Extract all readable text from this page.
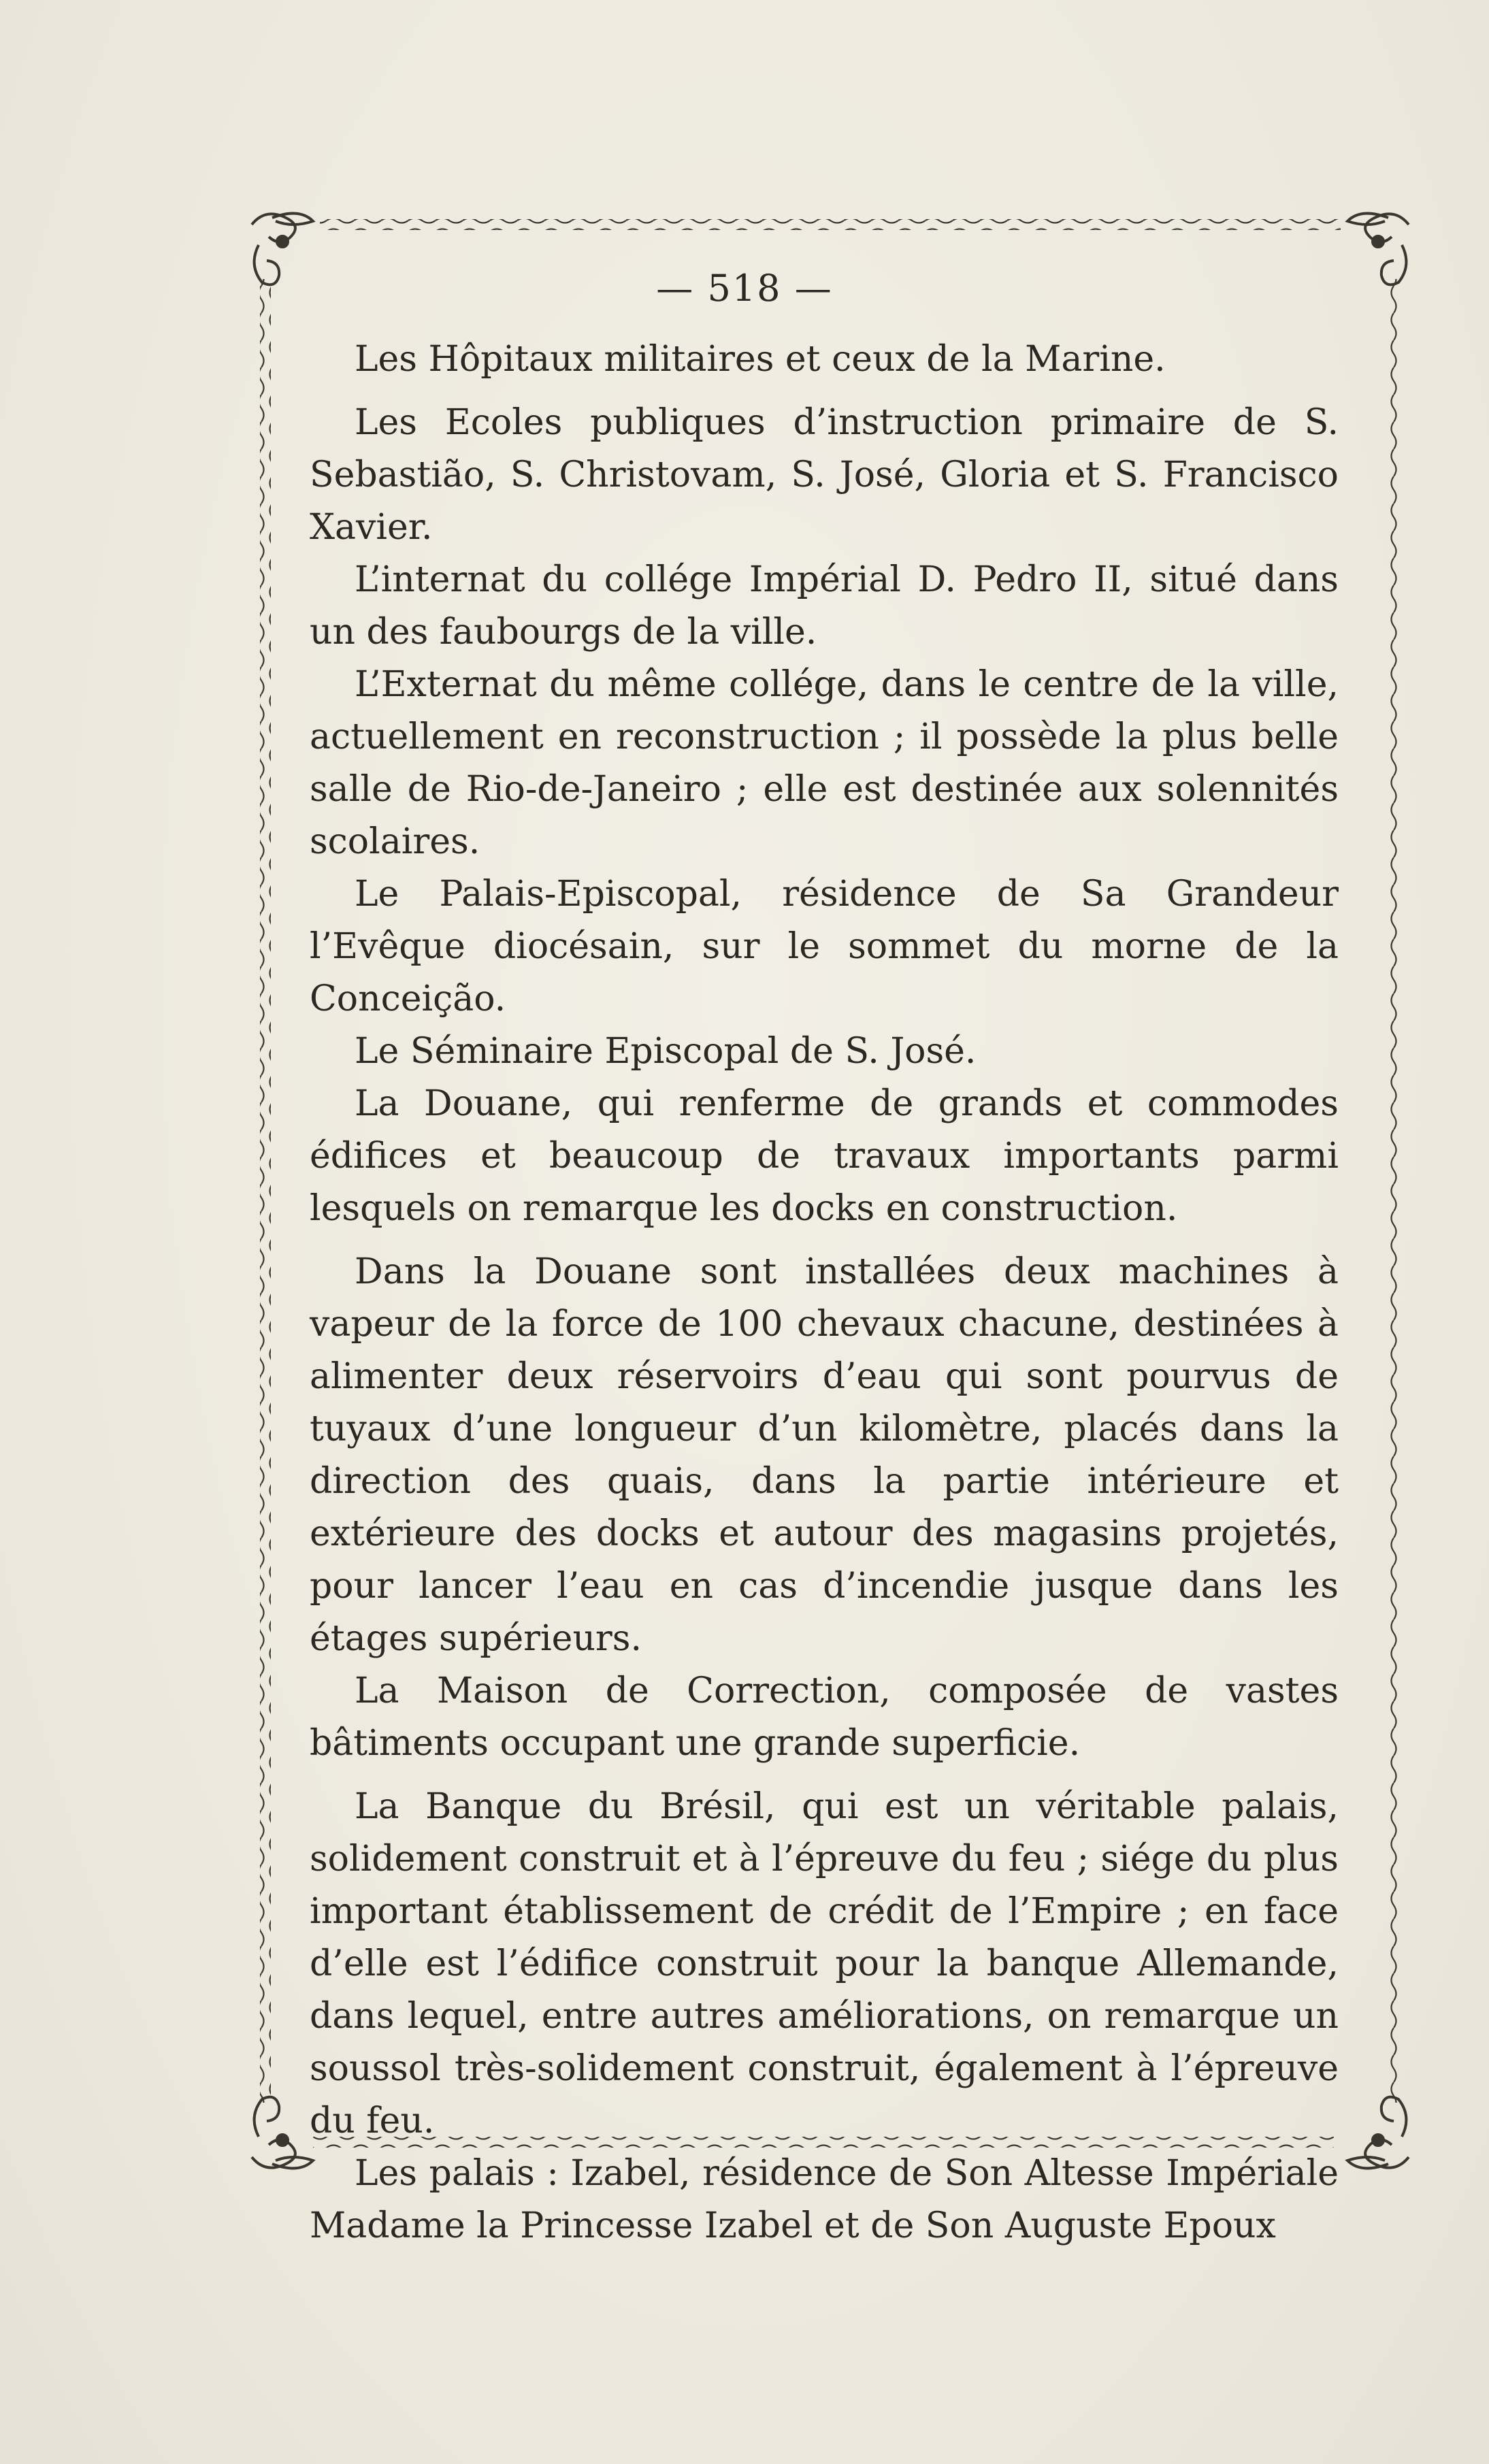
— 518 —

Les Hôpitaux militaires et ceux de la Marine.

Les Ecoles publiques d’instruction primaire de S. Sebastião, S. Christovam, S. José, Gloria et S. Francisco Xavier.

L’internat du collége Impérial D. Pedro II, situé dans un des faubourgs de la ville.

L’Externat du même collége, dans le centre de la ville, actuellement en reconstruction ; il possède la plus belle salle de Rio-de-Janeiro ; elle est destinée aux solennités scolaires.

Le Palais-Episcopal, résidence de Sa Grandeur l’Evêque diocésain, sur le sommet du morne de la Conceição.

Le Séminaire Episcopal de S. José.

La Douane, qui renferme de grands et commodes édifices et beaucoup de travaux importants parmi lesquels on remarque les docks en construction.

Dans la Douane sont installées deux machines à vapeur de la force de 100 chevaux chacune, destinées à alimenter deux réservoirs d’eau qui sont pourvus de tuyaux d’une longueur d’un kilomètre, placés dans la direction des quais, dans la partie intérieure et extérieure des docks et autour des magasins projetés, pour lancer l’eau en cas d’incendie jusque dans les étages supérieurs.

La Maison de Correction, composée de vastes bâtiments occupant une grande superficie.

La Banque du Brésil, qui est un véritable palais, solidement construit et à l’épreuve du feu ; siége du plus important établissement de crédit de l’Empire ; en face d’elle est l’édifice construit pour la banque Allemande, dans lequel, entre autres améliorations, on remarque un soussol très-solidement construit, également à l’épreuve du feu.

Les palais : Izabel, résidence de Son Altesse Impériale Madame la Princesse Izabel et de Son Auguste Epoux
